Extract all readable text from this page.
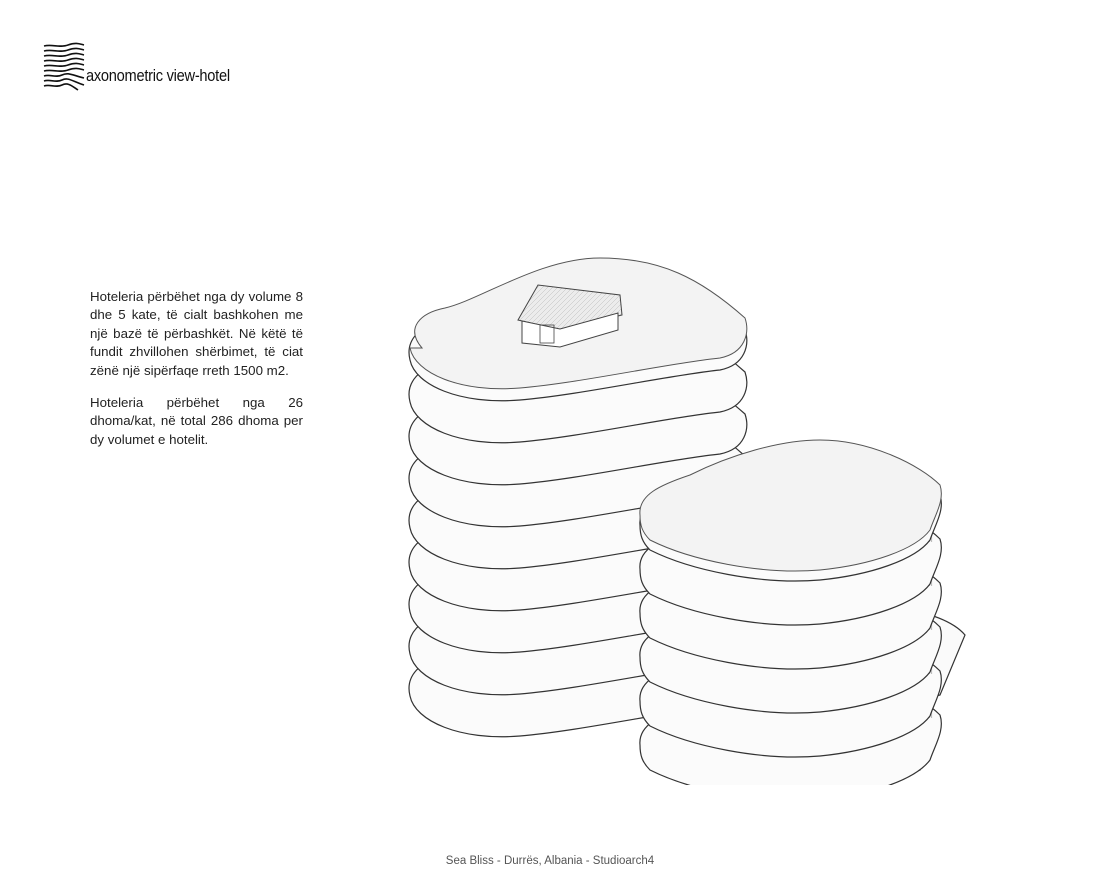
axonometric view-hotel

Hoteleria përbëhet nga dy volume 8 dhe 5 kate, të cialt bashkohen me një bazë të përbashkët. Në këtë të fundit zhvillohen shërbimet, të ciat zënë një sipërfaqe rreth 1500 m2.

Hoteleria përbëhet nga 26 dhoma/kat, në total 286 dhoma per dy volumet e hotelit.

Sea Bliss - Durrës, Albania - Studioarch4
